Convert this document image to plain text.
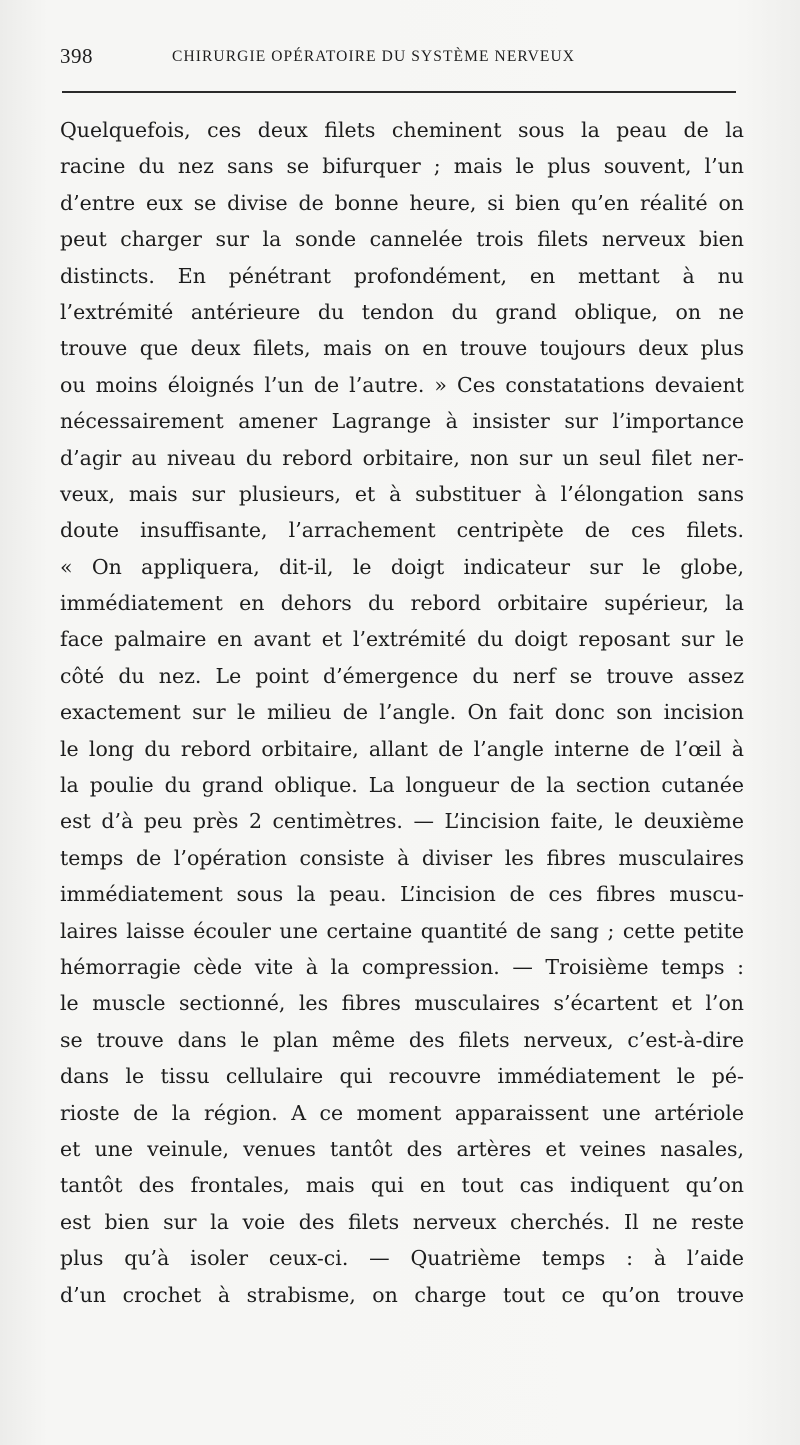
398	CHIRURGIE OPÉRATOIRE DU SYSTÈME NERVEUX
Quelquefois, ces deux filets cheminent sous la peau de la
racine du nez sans se bifurquer ; mais le plus souvent, l’un
d’entre eux se divise de bonne heure, si bien qu’en réalité on
peut charger sur la sonde cannelée trois filets nerveux bien
distincts. En pénétrant profondément, en mettant à nu
l’extrémité antérieure du tendon du grand oblique, on ne
trouve que deux filets, mais on en trouve toujours deux plus
ou moins éloignés l’un de l’autre. » Ces constatations devaient
nécessairement amener Lagrange à insister sur l’importance
d’agir au niveau du rebord orbitaire, non sur un seul filet ner-
veux, mais sur plusieurs, et à substituer à l’élongation sans
doute insuffisante, l’arrachement centripète de ces filets.
« On appliquera, dit-il, le doigt indicateur sur le globe,
immédiatement en dehors du rebord orbitaire supérieur, la
face palmaire en avant et l’extrémité du doigt reposant sur le
côté du nez. Le point d’émergence du nerf se trouve assez
exactement sur le milieu de l’angle. On fait donc son incision
le long du rebord orbitaire, allant de l’angle interne de l’œil à
la poulie du grand oblique. La longueur de la section cutanée
est d’à peu près 2 centimètres. — L’incision faite, le deuxième
temps de l’opération consiste à diviser les fibres musculaires
immédiatement sous la peau. L’incision de ces fibres muscu-
laires laisse écouler une certaine quantité de sang ; cette petite
hémorragie cède vite à la compression. — Troisième temps :
le muscle sectionné, les fibres musculaires s’écartent et l’on
se trouve dans le plan même des filets nerveux, c’est-à-dire
dans le tissu cellulaire qui recouvre immédiatement le pé-
rioste de la région. A ce moment apparaissent une artériole
et une veinule, venues tantôt des artères et veines nasales,
tantôt des frontales, mais qui en tout cas indiquent qu’on
est bien sur la voie des filets nerveux cherchés. Il ne reste
plus qu’à isoler ceux-ci. — Quatrième temps : à l’aide
d’un crochet à strabisme, on charge tout ce qu’on trouve
